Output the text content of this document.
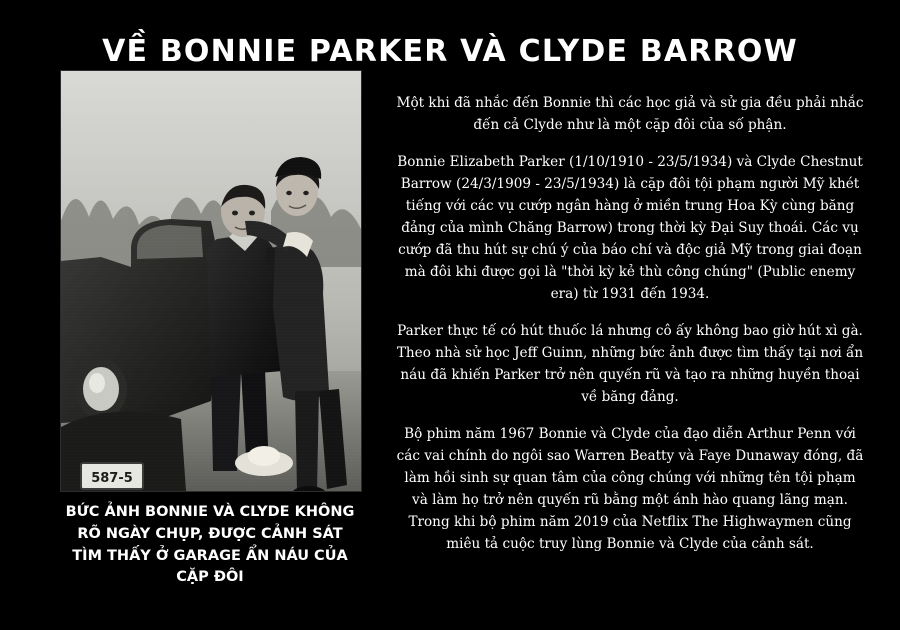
VỀ BONNIE PARKER VÀ CLYDE BARROW
587-5
BỨC ẢNH BONNIE VÀ CLYDE KHÔNG RÕ NGÀY CHỤP, ĐƯỢC CẢNH SÁT TÌM THẤY Ở GARAGE ẨN NÁU CỦA CẶP ĐÔI

Một khi đã nhắc đến Bonnie thì các học giả và sử gia đều phải nhắc đến cả Clyde như là một cặp đôi của số phận.

Bonnie Elizabeth Parker (1/10/1910 - 23/5/1934) và Clyde Chestnut Barrow (24/3/1909 - 23/5/1934) là cặp đôi tội phạm người Mỹ khét tiếng với các vụ cướp ngân hàng ở miền trung Hoa Kỳ cùng băng đảng của mình Chăng Barrow) trong thời kỳ Đại Suy thoái. Các vụ cướp đã thu hút sự chú ý của báo chí và độc giả Mỹ trong giai đoạn mà đôi khi được gọi là "thời kỳ kẻ thù công chúng" (Public enemy era) từ 1931 đến 1934.

Parker thực tế có hút thuốc lá nhưng cô ấy không bao giờ hút xì gà. Theo nhà sử học Jeff Guinn, những bức ảnh được tìm thấy tại nơi ẩn náu đã khiến Parker trở nên quyến rũ và tạo ra những huyền thoại về băng đảng.

Bộ phim năm 1967 Bonnie và Clyde của đạo diễn Arthur Penn với các vai chính do ngôi sao Warren Beatty và Faye Dunaway đóng, đã làm hồi sinh sự quan tâm của công chúng với những tên tội phạm và làm họ trở nên quyến rũ bằng một ánh hào quang lãng mạn. Trong khi bộ phim năm 2019 của Netflix The Highwaymen cũng miêu tả cuộc truy lùng Bonnie và Clyde của cảnh sát.
